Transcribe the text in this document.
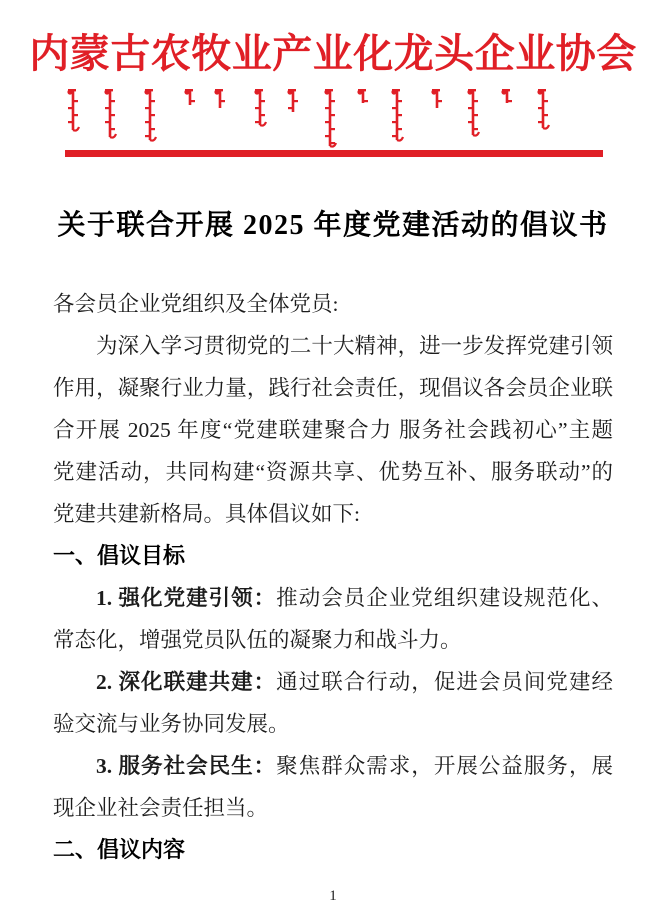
内蒙古农牧业产业化龙头企业协会
关于联合开展 2025 年度党建活动的倡议书
各会员企业党组织及全体党员:
为深入学习贯彻党的二十大精神，进一步发挥党建引领
作用，凝聚行业力量，践行社会责任，现倡议各会员企业联
合开展 2025 年度“党建联建聚合力 服务社会践初心”主题
党建活动，共同构建“资源共享、优势互补、服务联动”的
党建共建新格局。具体倡议如下:
一、倡议目标
1. 强化党建引领：推动会员企业党组织建设规范化、
常态化，增强党员队伍的凝聚力和战斗力。
2. 深化联建共建：通过联合行动，促进会员间党建经
验交流与业务协同发展。
3. 服务社会民生：聚焦群众需求，开展公益服务，展
现企业社会责任担当。
二、倡议内容
1
